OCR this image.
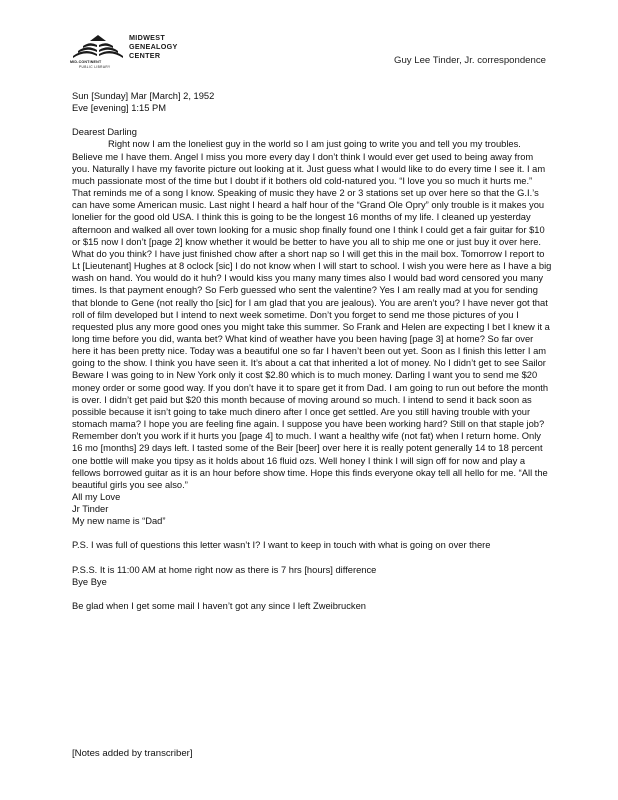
MIDWEST
GENEALOGY
CENTER
MID-CONTINENT
PUBLIC LIBRARY
Guy Lee Tinder, Jr. correspondence

Sun [Sunday] Mar [March] 2, 1952

Eve [evening] 1:15 PM

Dearest Darling

Right now I am the loneliest guy in the world so I am just going to write you and tell you my troubles. Believe me I have them. Angel I miss you more every day I don’t think I would ever get used to being away from you. Naturally I have my favorite picture out looking at it. Just guess what I would like to do every time I see it. I am much passionate most of the time but I doubt if it bothers old cold-natured you. “I love you so much it hurts me.” That reminds me of a song I know. Speaking of music they have 2 or 3 stations set up over here so that the G.I.’s can have some American music. Last night I heard a half hour of the “Grand Ole Opry” only trouble is it makes you lonelier for the good old USA. I think this is going to be the longest 16 months of my life. I cleaned up yesterday afternoon and walked all over town looking for a music shop finally found one I think I could get a fair guitar for $10 or $15 now I don’t [page 2] know whether it would be better to have you all to ship me one or just buy it over here. What do you think? I have just finished chow after a short nap so I will get this in the mail box. Tomorrow I report to Lt [Lieutenant] Hughes at 8 oclock [sic] I do not know when I will start to school. I wish you were here as I have a big wash on hand. You would do it huh? I would kiss you many many times also I would bad word censored you many times. Is that payment enough? So Ferb guessed who sent the valentine? Yes I am really mad at you for sending that blonde to Gene (not really tho [sic] for I am glad that you are jealous). You are aren’t you? I have never got that roll of film developed but I intend to next week sometime. Don’t you forget to send me those pictures of you I requested plus any more good ones you might take this summer. So Frank and Helen are expecting I bet I knew it a long time before you did, wanta bet? What kind of weather have you been having [page 3] at home? So far over here it has been pretty nice. Today was a beautiful one so far I haven’t been out yet. Soon as I finish this letter I am going to the show. I think you have seen it. It’s about a cat that inherited a lot of money. No I didn’t get to see Sailor Beware I was going to in New York only it cost $2.80 which is to much money. Darling I want you to send me $20 money order or some good way. If you don’t have it to spare get it from Dad. I am going to run out before the month is over. I didn’t get paid but $20 this month because of moving around so much. I intend to send it back soon as possible because it isn’t going to take much dinero after I once get settled. Are you still having trouble with your stomach mama? I hope you are feeling fine again. I suppose you have been working hard? Still on that staple job? Remember don’t you work if it hurts you [page 4] to much. I want a healthy wife (not fat) when I return home. Only 16 mo [months] 29 days left. I tasted some of the Beir [beer] over here it is really potent generally 14 to 18 percent one bottle will make you tipsy as it holds about 16 fluid ozs. Well honey I think I will sign off for now and play a fellows borrowed guitar as it is an hour before show time. Hope this finds everyone okay tell all hello for me. “All the beautiful girls you see also.”

All my Love

Jr Tinder

My new name is “Dad”

P.S. I was full of questions this letter wasn’t I? I want to keep in touch with what is going on over there

P.S.S. It is 11:00 AM at home right now as there is 7 hrs [hours] difference

Bye Bye

Be glad when I get some mail I haven’t got any since I left Zweibrucken

[Notes added by transcriber]
